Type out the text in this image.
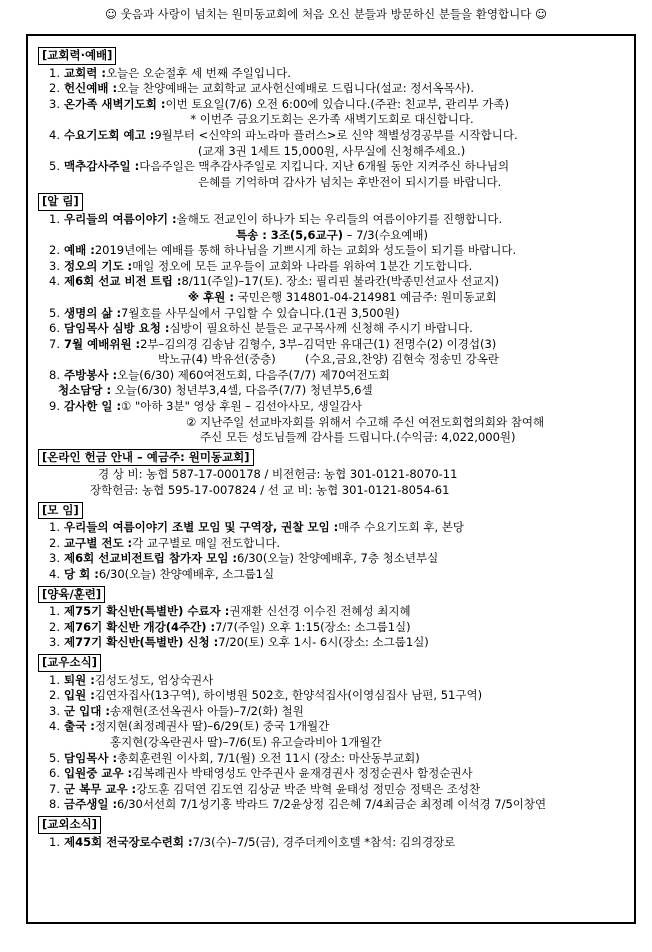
☺ 웃음과 사랑이 넘치는 원미동교회에 처음 오신 분들과 방문하신 분들을 환영합니다 ☺
[교회력·예배]
1. 교회력 : 오늘은 오순절후 세 번째 주일입니다.
2. 헌신예배 : 오늘 찬양예배는 교회학교 교사헌신예배로 드립니다(설교: 정서옥목사).
3. 온가족 새벽기도회 : 이번 토요일(7/6) 오전 6:00에 있습니다.(주관: 친교부, 관리부 가족)
* 이번주 금요기도회는 온가족 새벽기도회로 대신합니다.
4. 수요기도회 예고 : 9월부터 <신약의 파노라마 플러스>로 신약 책별성경공부를 시작합니다.
(교재 3권 1세트 15,000원, 사무실에 신청해주세요.)
5. 맥추감사주일 : 다음주일은 맥추감사주일로 지킵니다. 지난 6개월 동안 지켜주신 하나님의
은혜를 기억하며 감사가 넘치는 후반전이 되시기를 바랍니다.
[알 림]
1. 우리들의 여름이야기 : 올해도 전교인이 하나가 되는 우리들의 여름이야기를 진행합니다.
특송 : 3조(5,6교구) – 7/3(수요예배)
2. 예배 : 2019년에는 예배를 통해 하나님을 기쁘시게 하는 교회와 성도들이 되기를 바랍니다.
3. 정오의 기도 : 매일 정오에 모든 교우들이 교회와 나라를 위하여 1분간 기도합니다.
4. 제6회 선교 비전 트립 : 8/11(주일)–17(토). 장소: 필리핀 불라칸(박종민선교사 선교지)
※ 후원 : 국민은행 314801-04-214981 예금주: 원미동교회
5. 생명의 삶 : 7월호를 사무실에서 구입할 수 있습니다.(1권 3,500원)
6. 담임목사 심방 요청 : 심방이 필요하신 분들은 교구목사께 신청해 주시기 바랍니다.
7. 7월 예배위원 : 2부–김의경 김송남 김형수, 3부–김덕만 유대근(1) 전명수(2) 이경섭(3)
박노규(4) 박유선(중층)        (수요,금요,찬양) 김현숙 정송민 강옥란
8. 주방봉사 : 오늘(6/30) 제60여전도회, 다음주(7/7) 제70여전도회
청소담당 : 오늘(6/30) 청년부3,4셀, 다음주(7/7) 청년부5,6셀
9. 감사한 일 : ① "아하 3분" 영상 후원 – 김선아사모, 생일감사
② 지난주일 선교바자회를 위해서 수고해 주신 여전도회협의회와 참여해
주신 모든 성도님들께 감사를 드립니다.(수익금: 4,022,000원)
[온라인 헌금 안내 – 예금주: 원미동교회]
경 상 비: 농협 587-17-000178 / 비전헌금: 농협 301-0121-8070-11
장학헌금: 농협 595-17-007824 / 선 교 비: 농협 301-0121-8054-61
[모 임]
1. 우리들의 여름이야기 조별 모임 및 구역장, 권찰 모임 : 매주 수요기도회 후, 본당
2. 교구별 전도 : 각 교구별로 매일 전도합니다.
3. 제6회 선교비전트립 참가자 모임 : 6/30(오늘) 찬양예배후, 7층 청소년부실
4. 당 회 : 6/30(오늘) 찬양예배후, 소그룹1실
[양육/훈련]
1. 제75기 확신반(특별반) 수료자 : 권재환 신선경 이수진 전혜성 최지혜
2. 제76기 확신반 개강(4주간) : 7/7(주일) 오후 1:15(장소: 소그룹1실)
3. 제77기 확신반(특별반) 신청 : 7/20(토) 오후 1시- 6시(장소: 소그룹1실)
[교우소식]
1. 퇴원 : 김성도성도, 엄상숙권사
2. 입원 : 김연자집사(13구역), 하이병원 502호, 한양석집사(이영심집사 남편, 51구역)
3. 군 입대 : 송재현(조선옥권사 아들)–7/2(화) 철원
4. 출국 : 정지현(최정례권사 딸)–6/29(토) 중국 1개월간
홍지현(강옥란권사 딸)–7/6(토) 유고슬라비아 1개월간
5. 담임목사 : 총회훈련원 이사회, 7/1(월) 오전 11시 (장소: 마산동부교회)
6. 입원중 교우 : 김복례권사 박태영성도 안주권사 윤재경권사 정정순권사 함정순권사
7. 군 복무 교우 : 강도훈 김덕연 김도연 김상균 박준 박혁 윤태성 정민승 정택은 조성찬
8. 금주생일 : 6/30서선희 7/1성기홍 박라드 7/2윤상정 김은혜 7/4최금순 최정례 이석경 7/5이창연
[교외소식]
1. 제45회 전국장로수련회 : 7/3(수)–7/5(금), 경주더케이호텔 *참석: 김의경장로
